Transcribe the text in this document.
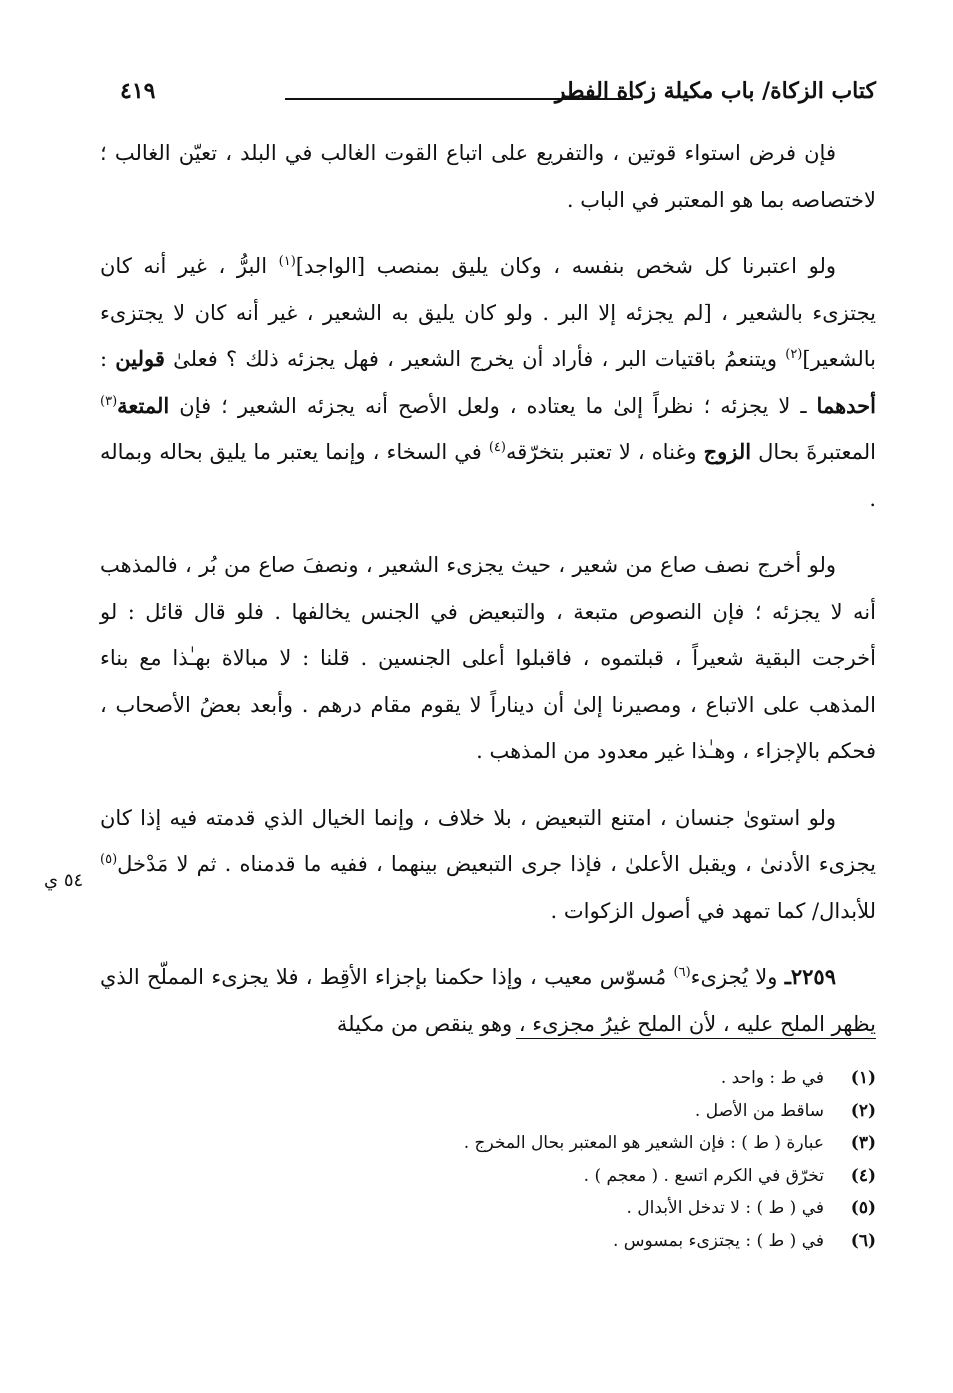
كتاب الزكاة/ باب مكيلة زكاة الفطر
٤١٩

فإن فرض استواء قوتين ، والتفريع على اتباع القوت الغالب في البلد ، تعيّن الغالب ؛ لاختصاصه بما هو المعتبر في الباب .

ولو اعتبرنا كل شخص بنفسه ، وكان يليق بمنصب [الواجد]$^{(١)}$ البرُّ ، غير أنه كان يجتزىء بالشعير ، [لم يجزئه إلا البر . ولو كان يليق به الشعير ، غير أنه كان لا يجتزىء بالشعير]$^{(٢)}$ ويتنعمُ باقتيات البر ، فأراد أن يخرج الشعير ، فهل يجزئه ذلك ؟ فعلىٰ قولين : أحدهما ـ لا يجزئه ؛ نظراً إلىٰ ما يعتاده ، ولعل الأصح أنه يجزئه الشعير ؛ فإن المتعة$^{(٣)}$ المعتبرةَ بحال الزوج وغناه ، لا تعتبر بتخرّقه$^{(٤)}$ في السخاء ، وإنما يعتبر ما يليق بحاله وبماله .

ولو أخرج نصف صاع من شعير ، حيث يجزىء الشعير ، ونصفَ صاع من بُر ، فالمذهب أنه لا يجزئه ؛ فإن النصوص متبعة ، والتبعيض في الجنس يخالفها . فلو قال قائل : لو أخرجت البقية شعيراً ، قبلتموه ، فاقبلوا أعلى الجنسين . قلنا : لا مبالاة بهـٰذا مع بناء المذهب على الاتباع ، ومصيرنا إلىٰ أن ديناراً لا يقوم مقام درهم . وأبعد بعضُ الأصحاب ، فحكم بالإجزاء ، وهـٰذا غير معدود من المذهب .

ولو استوىٰ جنسان ، امتنع التبعيض ، بلا خلاف ، وإنما الخيال الذي قدمته فيه إذا كان يجزىء الأدنىٰ ، ويقبل الأعلىٰ ، فإذا جرى التبعيض بينهما ، ففيه ما قدمناه . ثم لا مَدْخل$^{(٥)}$ للأبدال/ كما تمهد في أصول الزكوات .

٢٢٥٩ـ ولا يُجزىء$^{(٦)}$ مُسوّس معيب ، وإذا حكمنا بإجزاء الأقِط ، فلا يجزىء المملّح الذي يظهر الملح عليه ، لأن الملح غيرُ مجزىء ، وهو ينقص من مكيلة

٥٤ ي
(١)في ط : واحد .
(٢)ساقط من الأصل .
(٣)عبارة ( ط ) : فإن الشعير هو المعتبر بحال المخرج .
(٤)تخرّق في الكرم اتسع . ( معجم ) .
(٥)في ( ط ) : لا تدخل الأبدال .
(٦)في ( ط ) : يجتزىء بمسوس .
